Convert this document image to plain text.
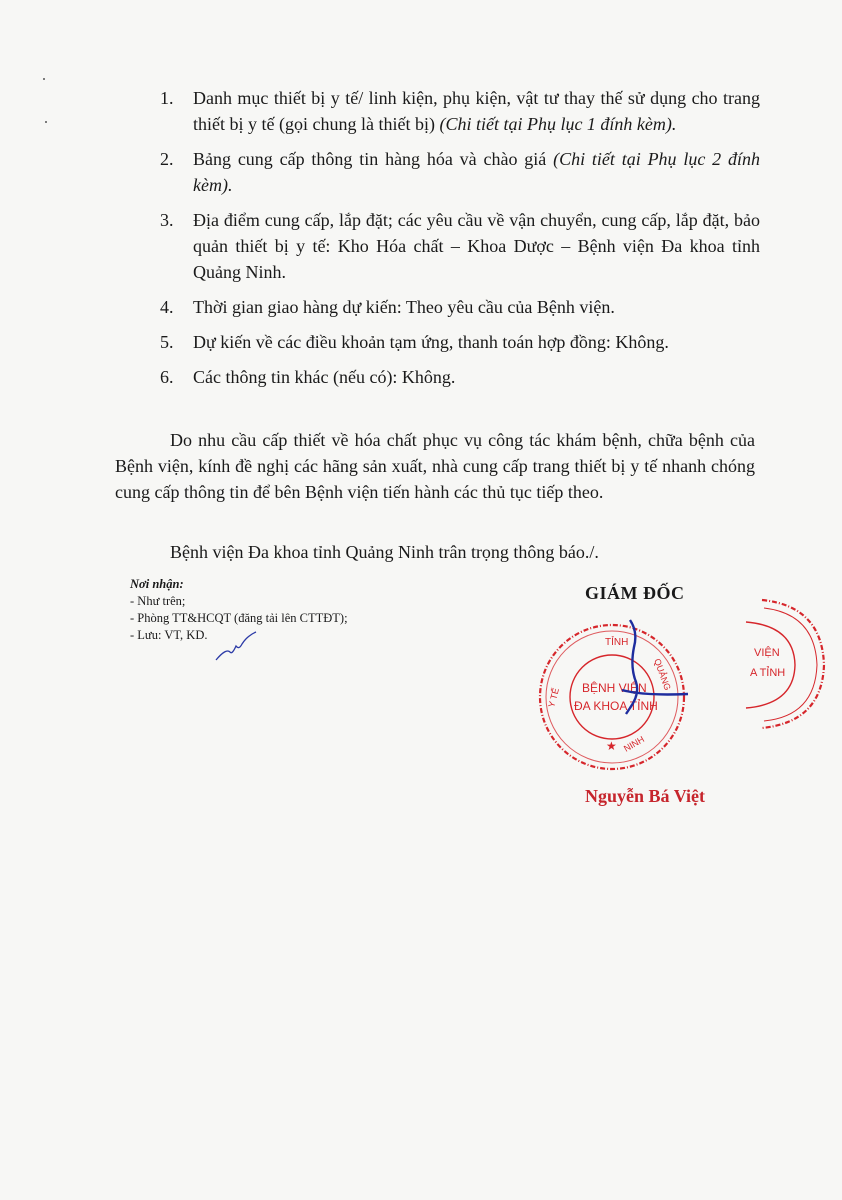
1. Danh mục thiết bị y tế/ linh kiện, phụ kiện, vật tư thay thế sử dụng cho trang thiết bị y tế (gọi chung là thiết bị) (Chi tiết tại Phụ lục 1 đính kèm).
2. Bảng cung cấp thông tin hàng hóa và chào giá (Chi tiết tại Phụ lục 2 đính kèm).
3. Địa điểm cung cấp, lắp đặt; các yêu cầu về vận chuyển, cung cấp, lắp đặt, bảo quản thiết bị y tế: Kho Hóa chất – Khoa Dược – Bệnh viện Đa khoa tỉnh Quảng Ninh.
4. Thời gian giao hàng dự kiến: Theo yêu cầu của Bệnh viện.
5. Dự kiến về các điều khoản tạm ứng, thanh toán hợp đồng: Không.
6. Các thông tin khác (nếu có): Không.

Do nhu cầu cấp thiết về hóa chất phục vụ công tác khám bệnh, chữa bệnh của Bệnh viện, kính đề nghị các hãng sản xuất, nhà cung cấp trang thiết bị y tế nhanh chóng cung cấp thông tin để bên Bệnh viện tiến hành các thủ tục tiếp theo.

Bệnh viện Đa khoa tỉnh Quảng Ninh trân trọng thông báo./.

Nơi nhận:
- Như trên;
- Phòng TT&HCQT (đăng tải lên CTTĐT);
- Lưu: VT, KD.
GIÁM ĐỐC
TỈNH
Y TẾ
QUẢNG
NINH
BỆNH VIỆN
ĐA KHOA TỈNH
★
VIỆN
A TỈNH
Nguyễn Bá Việt
